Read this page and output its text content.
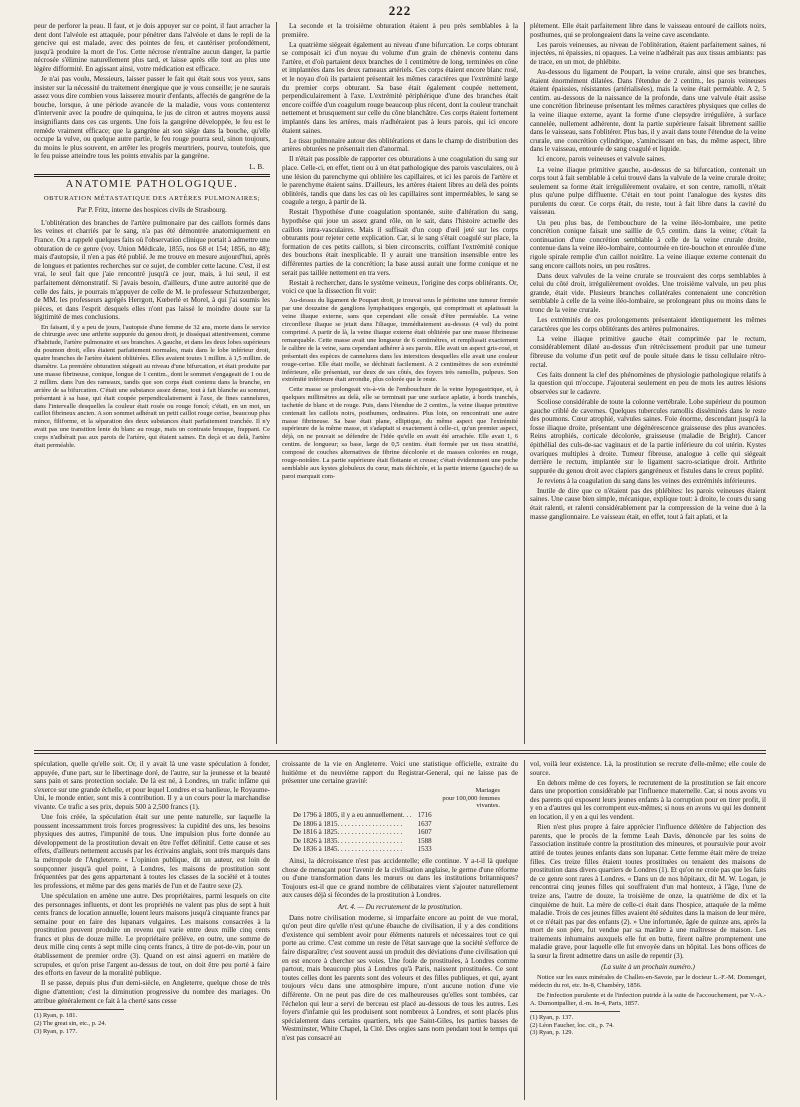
222

peur de perforer la peau. Il faut, et je dois appuyer sur ce point, il faut arracher la dent dont l'alvéole est attaquée, pour pénétrer dans l'alvéole et dans le repli de la gencive qui est malade, avec des pointes de feu, et cautériser profondément, jusqu'à produire la mort de l'os. Cette nécrose n'entraîne aucun danger, la partie nécrosée s'élimine naturellement plus tard, et laisse après elle tout au plus une légère difformité. En agissant ainsi, votre médication est efficace.

Je n'ai pas voulu, Messieurs, laisser passer le fait qui était sous vos yeux, sans insister sur la nécessité du traitement énergique que je vous conseille; je ne saurais assez vous dire combien vous laisserez mourir d'enfants, affectés de gangrène de la bouche, lorsque, à une période avancée de la maladie, vous vous contenterez d'intervenir avec la poudre de quinquina, le jus de citron et autres moyens aussi insignifiants dans ces cas urgents. Une fois la gangrène développée, le feu est le remède vraiment efficace; que la gangrène ait son siége dans la bouche, qu'elle occupe la vulve, ou quelque autre partie, le feu rouge pourra seul, sinon toujours, du moins le plus souvent, en arrêter les progrès meurtriers, pourvu, toutefois, que le feu puisse atteindre tous les points envahis par la gangrène.

L. B.
ANATOMIE PATHOLOGIQUE.
OBTURATION MÉTASTATIQUE DES ARTÈRES PULMONAIRES;
Par P. Fritz, interne des hospices civils de Strasbourg.

L'oblitération des branches de l'artère pulmonaire par des caillots formés dans les veines et charriés par le sang, n'a pas été démontrée anatomiquement en France. On a rappelé quelques faits où l'observation clinique portait à admettre une obturation de ce genre (voy. Union Médicale, 1855, nos 68 et 154; 1856, no 48); mais d'autopsie, il n'en a pas été publié. Je me trouve en mesure aujourd'hui, après de longues et patientes recherches sur ce sujet, de combler cette lacune. C'est, il est vrai, le seul fait que j'aie rencontré jusqu'à ce jour, mais, à lui seul, il est parfaitement démonstratif. Si j'avais besoin, d'ailleurs, d'une autre autorité que de celle des faits, je pourrais m'appuyer de celle de M. le professeur Schutzenberger, de MM. les professeurs agrégés Herrgott, Kœberlé et Morel, à qui j'ai soumis les pièces, et dans l'esprit desquels elles n'ont pas laissé le moindre doute sur la légitimité de mes conclusions.

En faisant, il y a peu de jours, l'autopsie d'une femme de 32 ans, morte dans le service de chirurgie avec une arthrite suppurée du genou droit, je disséquai attentivement, comme d'habitude, l'artère pulmonaire et ses branches. A gauche, et dans les deux lobes supérieurs du poumon droit, elles étaient parfaitement normales, mais dans le lobe inférieur droit, quatre branches de l'artère étaient oblitérées. Elles avaient toutes 1 millim. à 1,5 millim. de diamètre. La première obturation siégeait au niveau d'une bifurcation, et était produite par une masse fibrineuse, conique, longue de 1 centim., dont le sommet s'engageait de 1 ou de 2 millim. dans l'un des rameaux, tandis que son corps était contenu dans la branche, en arrière de sa bifurcation. C'était une substance assez dense, tout à fait blanche au sommet, présentant à sa base, qui était coupée perpendiculairement à l'axe, de fines cannelures, dans l'intervalle desquelles la couleur était rosée ou rouge foncé; c'était, en un mot, un caillot fibrineux ancien. A son sommet adhérait un petit caillot rouge cerise, beaucoup plus mince, filiforme, et la séparation des deux substances était parfaitement tranchée. Il n'y avait pas une transition lente du blanc au rouge, mais un contraste brusque, frappant. Ce corps n'adhérait pas aux parois de l'artère, qui étaient saines. En deçà et au delà, l'artère était perméable.

La seconde et la troisième obturation étaient à peu près semblables à la première.

La quatrième siégeait également au niveau d'une bifurcation. Le corps obturant se composait ici d'un noyau du volume d'un grain de chènevis contenu dans l'artère, et d'où partaient deux branches de 1 centimètre de long, terminées en cône et implantées dans les deux rameaux artériels. Ces corps étaient encore blanc rosé, et le noyau d'où ils partaient présentait les mêmes caractères que l'extrémité large du premier corps obturant. Sa base était également coupée nettement, perpendiculairement à l'axe. L'extrémité périphérique d'une des branches était encore coiffée d'un coagulum rouge beaucoup plus récent, dont la couleur tranchait nettement et brusquement sur celle du cône blanchâtre. Ces corps étaient fortement implantés dans les artères, mais n'adhéraient pas à leurs parois, qui ici encore étaient saines.

Le tissu pulmonaire autour des oblitérations et dans le champ de distribution des artères obturées ne présentait rien d'anormal.

Il n'était pas possible de rapporter ces obturations à une coagulation du sang sur place. Celle-ci, en effet, tient ou à un état pathologique des parois vasculaires, ou à une lésion du parenchyme qui oblitère les capillaires, et ici les parois de l'artère et le parenchyme étaient sains. D'ailleurs, les artères étaient libres au delà des points oblitérés, tandis que dans les cas où les capillaires sont imperméables, le sang se coagule a tergo, à partir de là.

Restait l'hypothèse d'une coagulation spontanée, suite d'altération du sang, hypothèse qui joue un assez grand rôle, on le sait, dans l'histoire actuelle des caillots intra-vasculaires. Mais il suffisait d'un coup d'œil jeté sur les corps obturants pour rejeter cette explication. Car, si le sang s'était coagulé sur place, la formation de ces petits caillots, si bien circonscrits, coïffant l'extrémité conique des bouchons était inexplicable. Il y aurait une transition insensible entre les différentes parties de la concrétion; la base aussi aurait une forme conique et ne serait pas taillée nettement en tra vers.

Restait à rechercher, dans le système veineux, l'origine des corps oblitérants. Or, voici ce que la dissection fit voir:

Au-dessus du ligament de Poupart droit, je trouvai sous le péritoine une tumeur formée par une douzaine de ganglions lymphatiques engorgés, qui comprimait et aplatissait la veine iliaque externe, sans que cependant elle cessât d'être perméable. La veine circonflexe iliaque se jetait dans l'iliaque, immédiatement au-dessus (4 val) du point comprimé. A partir de là, la veine iliaque externe était oblitérée par une masse fibrineuse remarquable. Cette masse avait une longueur de 6 centimètres, et remplissait exactement le calibre de la veine, sans cependant adhérer à ses parois. Elle avait un aspect gris-rosé, et présentait des espèces de cannelures dans les interstices desquelles elle avait une couleur rouge-cerise. Elle était molle, se déchirait facilement. A 2 centimètres de son extrémité inférieure, elle présentait, sur deux de ses côtés, des foyers très ramollis, pulpeux. Son extrémité inférieure était arrondie, plus colorée que le reste.

Cette masse se prolongeait vis-à-vis de l'embouchure de la veine hypogastrique, et, à quelques millimètres au delà, elle se terminait par une surface aplatie, à bords tranchés, tachetée de blanc et de rouge. Puis, dans l'étendue de 2 centim., la veine iliaque primitive contenait les caillots noirs, posthumes, ordinaires. Plus loin, on rencontrait une autre masse fibrineuse. Sa base était plane, elliptique, du même aspect que l'extrémité supérieure de la même masse, et s'adaptait si exactement à celle-ci, qu'un premier aspect, déjà, on ne pouvait se défendre de l'idée qu'elle en avait été arrachée. Elle avait 1, 6 centim. de longueur; sa base, large de 0,5 centim. était formée par un tissu stratifié, composé de couches alternatives de fibrine décolorée et de masses colorées en rouge, rouge-noirâtre. La partie supérieure était flottante et creuse; c'était évidemment une poche semblable aux kystes globuleux du cœur, mais déchirée, et la partie interne (gauche) de sa paroi marquait com-

plétement. Elle était parfaitement libre dans le vaisseau entouré de caillots noirs, posthumes, qui se prolongeaient dans la veine cave ascendante.

Les parois veineuses, au niveau de l'oblitération, étaient parfaitement saines, ni injectées, ni épaissies, ni opaques. La veine n'adhérait pas aux tissus ambiants: pas de trace, en un mot, de phlébite.

Au-dessous du ligament de Poupart, la veine crurale, ainsi que ses branches, étaient énormément dilatées. Dans l'étendue de 2 centim., les parois veineuses étaient épaissies, résistantes (artérialisées), mais la veine était perméable. A 2, 5 centim. au-dessous de la naissance de la profonde, dans une valvule était assise une concrétion fibrineuse présentant les mêmes caractères physiques que celles de la veine iliaque externe, ayant la forme d'une clepsydre irrégulière, à surface cannelée, nullement adhérente, dont la partie supérieure faisait librement saillie dans le vaisseau, sans l'oblitérer. Plus bas, il y avait dans toute l'étendue de la veine crurale, une concrétion cylindrique, s'amincissant en bas, du même aspect, libre dans le vaisseau, entourée de sang coagulé et liquide.

Ici encore, parois veineuses et valvule saines.

La veine iliaque primitive gauche, au-dessus de sa bifurcation, contenait un corps tout à fait semblable à celui trouvé dans la valvule de la veine crurale droite; seulement sa forme était irrégulièrement ovalaire, et son centre, ramolli, n'était plus qu'une pulpe diffluente. C'était en tout point l'analogue des kystes dits purulents du cœur. Ce corps était, du reste, tout à fait libre dans la cavité du vaisseau.

Un peu plus bas, de l'embouchure de la veine iléo-lombaire, une petite concrétion conique faisait une saillie de 0,5 centim. dans la veine; c'était la continuation d'une concrétion semblable à celle de la veine crurale droite, contenue dans la veine iléo-lombaire, contournée en tire-bouchon et enroulée d'une rigole spirale remplie d'un caillot noirâtre. La veine iliaque externe contenait du sang encore caillots noirs, un peu rosâtres.

Dans deux valvules de la veine crurale se trouvaient des corps semblables à celui du côté droit, irrégulièrement ovoïdes. Une troisième valvule, un peu plus grande, était vide. Plusieurs branches collatérales contenaient une concrétion semblable à celle de la veine iléo-lombaire, se prolongeant plus ou moins dans le tronc de la veine crurale.

Les extrémités de ces prolongements présentaient identiquement les mêmes caractères que les corps oblitérants des artères pulmonaires.

La veine iliaque primitive gauche était comprimée par le rectum, considérablement dilaté au-dessus d'un rétrécissement produit par une tumeur fibreuse du volume d'un petit œuf de poule située dans le tissu cellulaire rétro-rectal.

Ces faits donnent la clef des phénomènes de physiologie pathologique relatifs à la question qui m'occupe. J'ajouterai seulement en peu de mots les autres lésions observées sur le cadavre.

Scoliose considérable de toute la colonne vertébrale. Lobe supérieur du poumon gauche criblé de cavernes. Quelques tubercules ramollis disséminés dans le reste des poumons. Cœur atrophié, valvules saines. Foie énorme, descendant jusqu'à la fosse iliaque droite, présentant une dégénérescence graisseuse des plus avancées. Reins atrophiés, corticale décolorée, graisseuse (maladie de Bright). Cancer épithélial des culs-de-sac vaginaux et de la partie inférieure du col utérin. Kystes ovariques multiples à droite. Tumeur fibreuse, analogue à celle qui siégeait derrière le rectum, implantée sur le ligament sacro-sciatique droit. Arthrite suppurée du genou droit avec clapiers gangréneux et fistules dans le creux poplité.

Je reviens à la coagulation du sang dans les veines des extrémités inférieures.

Inutile de dire que ce n'étaient pas des phlébites: les parois veineuses étaient saines. Une cause bien simple, mécanique, explique tout: à droite, le cours du sang était ralenti, et ralenti considérablement par la compression de la veine due à la masse ganglionnaire. Le vaisseau était, en effet, tout à fait aplati, et la

spéculation, quelle qu'elle soit. Or, il y avait là une vaste spéculation à fonder, appuyée, d'une part, sur le libertinage doré, de l'autre, sur la jeunesse et la beauté sans pain et sans protection sociale. De là est né, à Londres, un trafic infâme qui s'exerce sur une grande échelle, et pour lequel Londres et sa banlieue, le Royaume-Uni, le monde entier, sont mis à contribution. Il y a un cours pour la marchandise vivante. Ce trafic a ses prix, depuis 500 à 2,500 francs (1).

Une fois créée, la spéculation était sur une pente naturelle, sur laquelle la poussent incessamment trois forces progressives: la cupidité des uns, les besoins physiques des autres, l'impunité de tous. Une impulsion plus forte donnée au développement de la prostitution devait en être l'effet définitif. Cette cause et ses effets, d'ailleurs nettement accusés par les écrivains anglais, sont très marqués dans la métropole de l'Angleterre. « L'opinion publique, dit un auteur, est loin de soupçonner jusqu'à quel point, à Londres, les maisons de prostitution sont fréquentées par des gens appartenant à toutes les classes de la société et à toutes les professions, et même par des gens mariés de l'un et de l'autre sexe (2).

Une spéculation en amène une autre. Des propriétaires, parmi lesquels on cite des personnages influents, et dont les propriétés ne valent pas plus de sept à huit cents francs de location annuelle, louent leurs maisons jusqu'à cinquante francs par semaine pour en faire des lupanars vulgaires. Les maisons consacrées à la prostitution peuvent produire un revenu qui varie entre deux mille cinq cents francs et plus de douze mille. Le propriétaire prélève, en outre, une somme de deux mille cinq cents à sept mille cinq cents francs, à titre de pot-de-vin, pour un établissement de premier ordre (3). Quand on est ainsi aguerri en matière de scrupules, et qu'on prise l'argent au-dessus de tout, on doit être peu porté à faire des efforts en faveur de la moralité publique.

Il se passe, depuis plus d'un demi-siècle, en Angleterre, quelque chose de très digne d'attention; c'est la diminution progressive du nombre des mariages. On attribue généralement ce fait à la cherté sans cesse

(1) Ryan, p. 181.
(2) The great sin, etc., p. 24.
(3) Ryan, p. 177.

croissante de la vie en Angleterre. Voici une statistique officielle, extraite du huitième et du neuvième rapport du Registrar-General, qui ne laisse pas de présenter une certaine gravité:

Mariages
pour 100,000 femmes
vivantes.
De 1796 à 1805, il y a eu annuellement. . .	1716
De 1806 à 1815. . . . . . . . . . . . . . . . . . .	1637
De 1816 à 1825. . . . . . . . . . . . . . . . . . .	1607
De 1826 à 1835. . . . . . . . . . . . . . . . . . .	1588
De 1836 à 1845. . . . . . . . . . . . . . . . . . .	1533

Ainsi, la décroissance n'est pas accidentelle; elle continue. Y a-t-il là quelque chose de menaçant pour l'avenir de la civilisation anglaise, le germe d'une réforme ou d'une transformation dans les mœurs ou dans les institutions britanniques? Toujours est-il que ce grand nombre de célibataires vient s'ajouter naturellement aux causes déjà si fécondes de la prostitution à Londres.

Art. 4. — Du recrutement de la prostitution.

Dans notre civilisation moderne, si imparfaite encore au point de vue moral, qu'on peut dire qu'elle n'est qu'une ébauche de civilisation, il y a des conditions d'existence qui semblent avoir pour éléments naturels et nécessaires tout ce qui porte au crime. C'est comme un reste de l'état sauvage que la société s'efforce de faire disparaître; c'est souvent aussi un produit des déviations d'une civilisation qui en est encore à chercher ses voies. Une foule de prostituées, à Londres comme partout, mais beaucoup plus à Londres qu'à Paris, naissent prostituées. Ce sont toutes celles dont les parents sont des voleurs et des filles publiques, et qui, ayant toujours vécu dans une atmosphère impure, n'ont aucune notion d'une vie différente. On ne peut pas dire de ces malheureuses qu'elles sont tombées, car l'échelon qui leur a servi de berceau est placé au-dessous de tous les autres. Les foyers d'infamie qui les produisent sont nombreux à Londres, et sont placés plus spécialement dans certains quartiers, tels que Saint-Giles, les parties basses de Westminster, White Chapel, la Cité. Des orgies sans nom pendant tout le temps qui n'est pas consacré au

vol, voilà leur existence. Là, la prostitution se recrute d'elle-même; elle coule de source.

En dehors même de ces foyers, le recrutement de la prostitution se fait encore dans une proportion considérable par l'influence maternelle. Car, si nous avons vu des parents qui exposent leurs jeunes enfants à la corruption pour en tirer profit, il y en a d'autres qui les corrompent eux-mêmes; si nous en avons vu qui les donnent en location, il y en a qui les vendent.

Rien n'est plus propre à faire apprécier l'influence délétère de l'abjection des parents, que le procès de la femme Leah Davis, dénoncée par les soins de l'association instituée contre la prostitution des mineures, et poursuivie pour avoir attiré de toutes jeunes enfants dans son lupanar. Cette femme était mère de treize filles. Ces treize filles étaient toutes prostituées ou tenaient des maisons de prostitution dans divers quartiers de Londres (1). Et qu'on ne croie pas que les faits de ce genre sont rares à Londres. « Dans un de nos hôpitaux, dit M. W. Logan, je rencontrai cinq jeunes filles qui souffraient d'un mal honteux, à l'âge, l'une de treize ans, l'autre de douze, la troisième de onze, la quatrième de dix et la cinquième de huit. La mère de celle-ci était dans l'hospice, attaquée de la même maladie. Trois de ces jeunes filles avaient été séduites dans la maison de leur mère, et ce n'était pas par des enfants (2). » Une infortunée, âgée de quinze ans, après la mort de son père, fut vendue par sa marâtre à une maîtresse de maison. Les traitements inhumains auxquels elle fut en butte, firent naître promptement une maladie grave, pour laquelle elle fut envoyée dans un hôpital. Les bons offices de la sœur la firent admettre dans un asile de repentir (3).

(La suite à un prochain numéro.)

Notice sur les eaux minérales de Challes-en-Savoie, par le docteur L.-F.-M. Domenget, médecin du roi, etc. In-8, Chambéry, 1856.

De l'infection purulente et de l'infection putride à la suite de l'accouchement, par V.-A.-A. Dumontpallier, d.-m. In-4, Paris, 1857.

(1) Ryan, p. 137.
(2) Léon Faucher, loc. cit., p. 74.
(3) Ryan, p. 129.
